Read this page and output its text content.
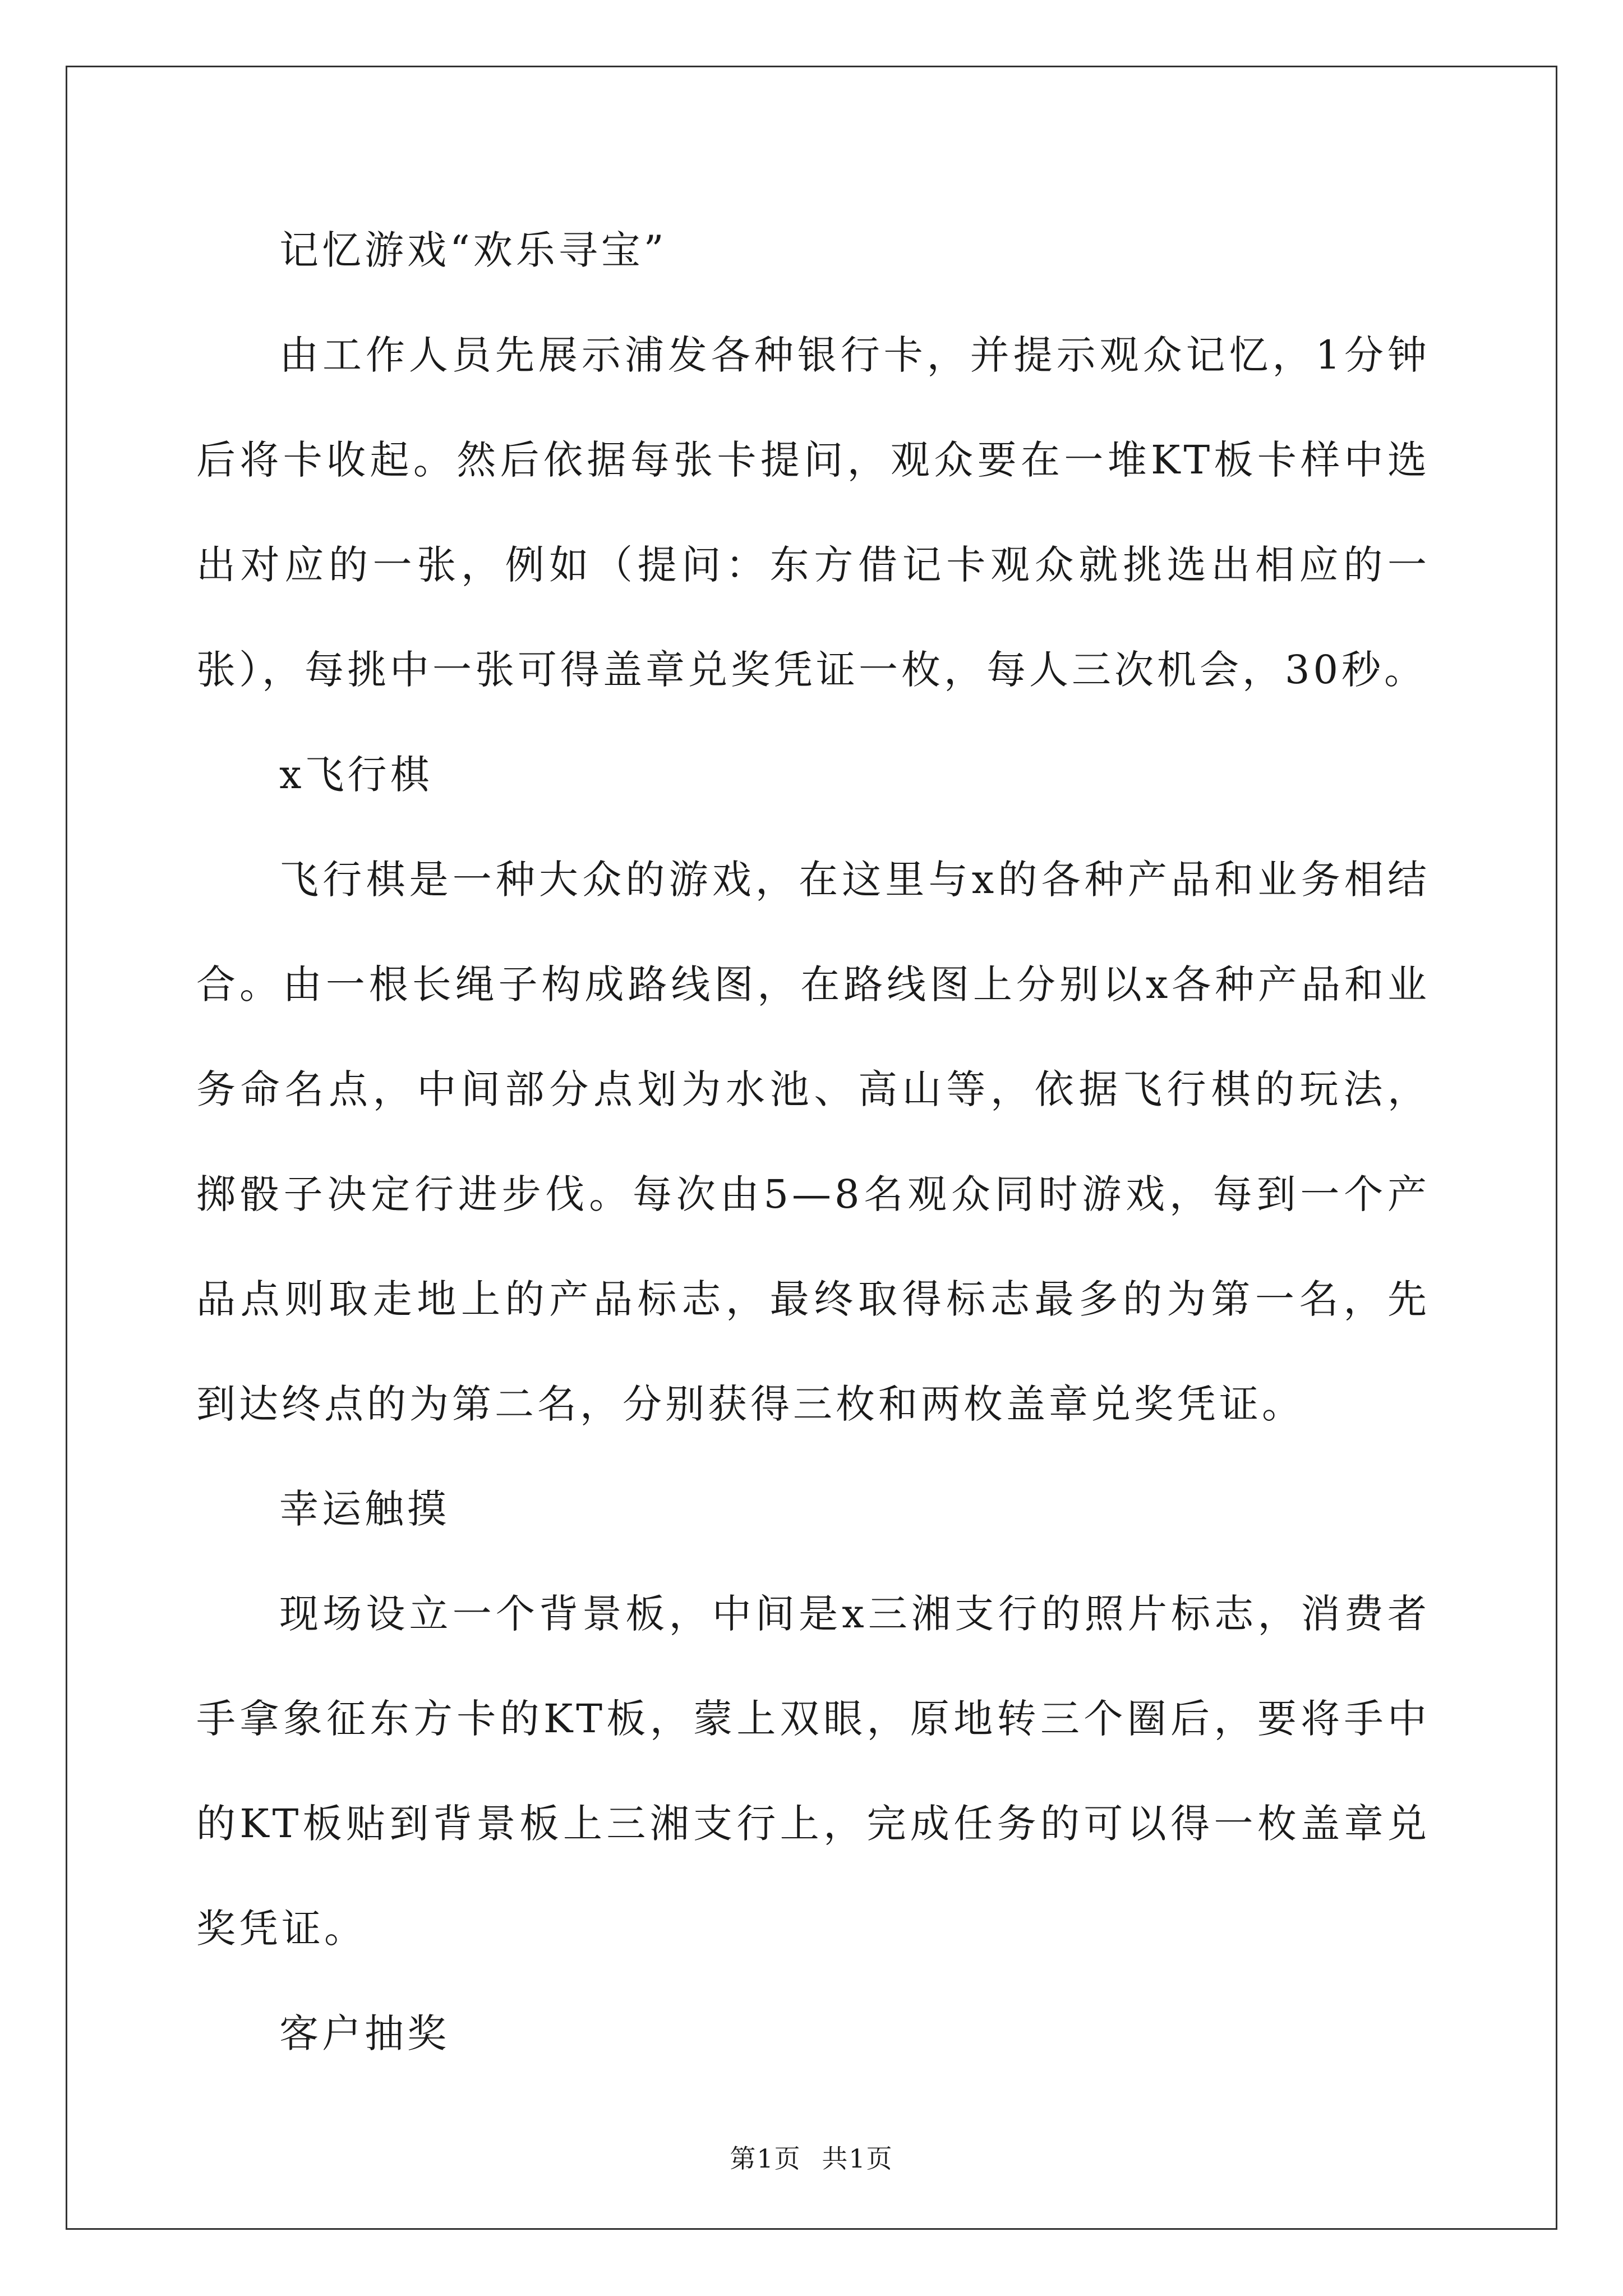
记忆游戏“欢乐寻宝”

由工作人员先展示浦发各种银行卡，并提示观众记忆，1分钟后将卡收起。然后依据每张卡提问，观众要在一堆KT板卡样中选出对应的一张，例如（提问：东方借记卡观众就挑选出相应的一张），每挑中一张可得盖章兑奖凭证一枚，每人三次机会，30秒。

x飞行棋

飞行棋是一种大众的游戏，在这里与x的各种产品和业务相结合。由一根长绳子构成路线图，在路线图上分别以x各种产品和业务命名点，中间部分点划为水池、高山等，依据飞行棋的玩法，掷骰子决定行进步伐。每次由5—8名观众同时游戏，每到一个产品点则取走地上的产品标志，最终取得标志最多的为第一名，先到达终点的为第二名，分别获得三枚和两枚盖章兑奖凭证。

幸运触摸

现场设立一个背景板，中间是x三湘支行的照片标志，消费者手拿象征东方卡的KT板，蒙上双眼，原地转三个圈后，要将手中的KT板贴到背景板上三湘支行上，完成任务的可以得一枚盖章兑奖凭证。

客户抽奖

第1页 共1页
